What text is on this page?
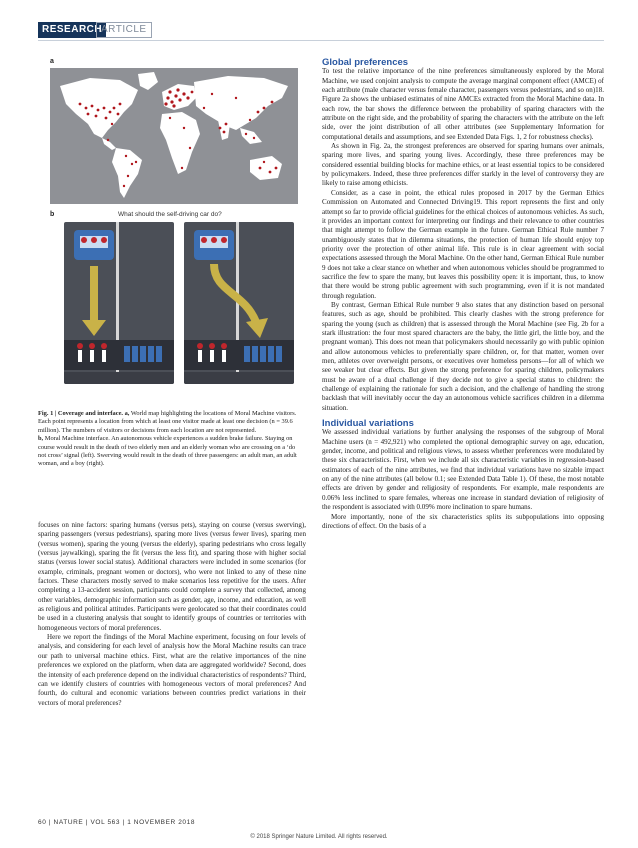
RESEARCH
ARTICLE
a
b	What should the self-driving car do?
Fig. 1 | Coverage and interface. a, World map highlighting the locations of Moral Machine visitors. Each point represents a location from which at least one visitor made at least one decision (n = 39.6 million). The numbers of visitors or decisions from each location are not represented.
b, Moral Machine interface. An autonomous vehicle experiences a sudden brake failure. Staying on course would result in the death of two elderly men and an elderly woman who are crossing on a ‘do not cross’ signal (left). Swerving would result in the death of three passengers: an adult man, an adult woman, and a boy (right).

focuses on nine factors: sparing humans (versus pets), staying on course (versus swerving), sparing passengers (versus pedestrians), sparing more lives (versus fewer lives), sparing men (versus women), sparing the young (versus the elderly), sparing pedestrians who cross legally (versus jaywalking), sparing the fit (versus the less fit), and sparing those with higher social status (versus lower social status). Additional characters were included in some scenarios (for example, criminals, pregnant women or doctors), who were not linked to any of these nine factors. These characters mostly served to make scenarios less repetitive for the users. After completing a 13-accident session, participants could complete a survey that collected, among other variables, demographic information such as gender, age, income, and education, as well as religious and political attitudes. Participants were geolocated so that their coordinates could be used in a clustering analysis that sought to identify groups of countries or territories with homogeneous vectors of moral preferences.

Here we report the findings of the Moral Machine experiment, focusing on four levels of analysis, and considering for each level of analysis how the Moral Machine results can trace our path to universal machine ethics. First, what are the relative importances of the nine preferences we explored on the platform, when data are aggregated worldwide? Second, does the intensity of each preference depend on the individual characteristics of respondents? Third, can we identify clusters of countries with homogeneous vectors of moral preferences? And fourth, do cultural and economic variations between countries predict variations in their vectors of moral preferences?

Global preferences

To test the relative importance of the nine preferences simultaneously explored by the Moral Machine, we used conjoint analysis to compute the average marginal component effect (AMCE) of each attribute (male character versus female character, passengers versus pedestrians, and so on)18. Figure 2a shows the unbiased estimates of nine AMCEs extracted from the Moral Machine data. In each row, the bar shows the difference between the probability of sparing characters with the attribute on the right side, and the probability of sparing the characters with the attribute on the left side, over the joint distribution of all other attributes (see Supplementary Information for computational details and assumptions, and see Extended Data Figs. 1, 2 for robustness checks).

As shown in Fig. 2a, the strongest preferences are observed for sparing humans over animals, sparing more lives, and sparing young lives. Accordingly, these three preferences may be considered essential building blocks for machine ethics, or at least essential topics to be considered by policymakers. Indeed, these three preferences differ starkly in the level of controversy they are likely to raise among ethicists.

Consider, as a case in point, the ethical rules proposed in 2017 by the German Ethics Commission on Automated and Connected Driving19. This report represents the first and only attempt so far to provide official guidelines for the ethical choices of autonomous vehicles. As such, it provides an important context for interpreting our findings and their relevance to other countries that might attempt to follow the German example in the future. German Ethical Rule number 7 unambiguously states that in dilemma situations, the protection of human life should enjoy top priority over the protection of other animal life. This rule is in clear agreement with social expectations assessed through the Moral Machine. On the other hand, German Ethical Rule number 9 does not take a clear stance on whether and when autonomous vehicles should be programmed to sacrifice the few to spare the many, but leaves this possibility open: it is important, thus, to know that there would be strong public agreement with such programming, even if it is not mandated through regulation.

By contrast, German Ethical Rule number 9 also states that any distinction based on personal features, such as age, should be prohibited. This clearly clashes with the strong preference for sparing the young (such as children) that is assessed through the Moral Machine (see Fig. 2b for a stark illustration: the four most spared characters are the baby, the little girl, the little boy, and the pregnant woman). This does not mean that policymakers should necessarily go with public opinion and allow autonomous vehicles to preferentially spare children, or, for that matter, women over men, athletes over overweight persons, or executives over homeless persons—for all of which we see weaker but clear effects. But given the strong preference for sparing children, policymakers must be aware of a dual challenge if they decide not to give a special status to children: the challenge of explaining the rationale for such a decision, and the challenge of handling the strong backlash that will inevitably occur the day an autonomous vehicle sacrifices children in a dilemma situation.

Individual variations

We assessed individual variations by further analysing the responses of the subgroup of Moral Machine users (n = 492,921) who completed the optional demographic survey on age, education, gender, income, and political and religious views, to assess whether preferences were modulated by these six characteristics. First, when we include all six characteristic variables in regression-based estimators of each of the nine attributes, we find that individual variations have no sizable impact on any of the nine attributes (all below 0.1; see Extended Data Table 1). Of these, the most notable effects are driven by gender and religiosity of respondents. For example, male respondents are 0.06% less inclined to spare females, whereas one increase in standard deviation of religiosity of the respondent is associated with 0.09% more inclination to spare humans.

More importantly, none of the six characteristics splits its subpopulations into opposing directions of effect. On the basis of a

60 | NATURE | VOL 563 | 1 NOVEMBER 2018
© 2018 Springer Nature Limited. All rights reserved.
